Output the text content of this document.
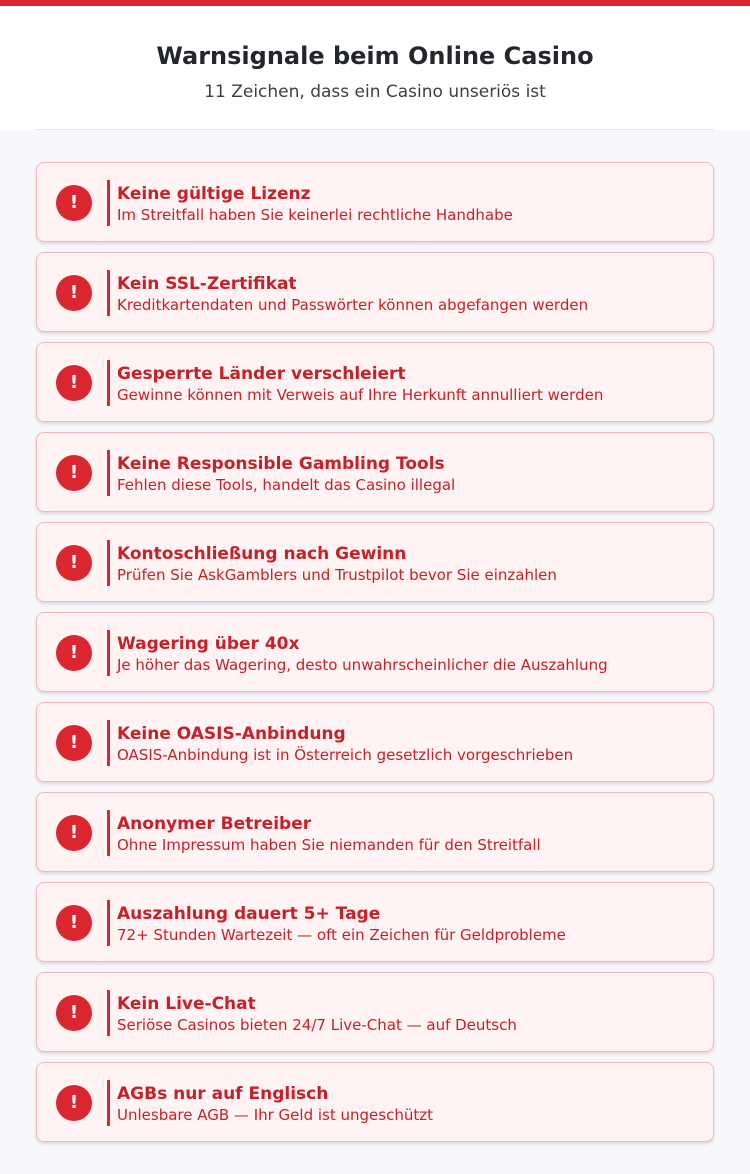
Warnsignale beim Online Casino

11 Zeichen, dass ein Casino unseriös ist

!	Keine gültige Lizenz
Im Streitfall haben Sie keinerlei rechtliche Handhabe
!	Kein SSL-Zertifikat
Kreditkartendaten und Passwörter können abgefangen werden
!	Gesperrte Länder verschleiert
Gewinne können mit Verweis auf Ihre Herkunft annulliert werden
!	Keine Responsible Gambling Tools
Fehlen diese Tools, handelt das Casino illegal
!	Kontoschließung nach Gewinn
Prüfen Sie AskGamblers und Trustpilot bevor Sie einzahlen
!	Wagering über 40x
Je höher das Wagering, desto unwahrscheinlicher die Auszahlung
!	Keine OASIS-Anbindung
OASIS-Anbindung ist in Österreich gesetzlich vorgeschrieben
!	Anonymer Betreiber
Ohne Impressum haben Sie niemanden für den Streitfall
!	Auszahlung dauert 5+ Tage
72+ Stunden Wartezeit — oft ein Zeichen für Geldprobleme
!	Kein Live-Chat
Seriöse Casinos bieten 24/7 Live-Chat — auf Deutsch
!	AGBs nur auf Englisch
Unlesbare AGB — Ihr Geld ist ungeschützt
